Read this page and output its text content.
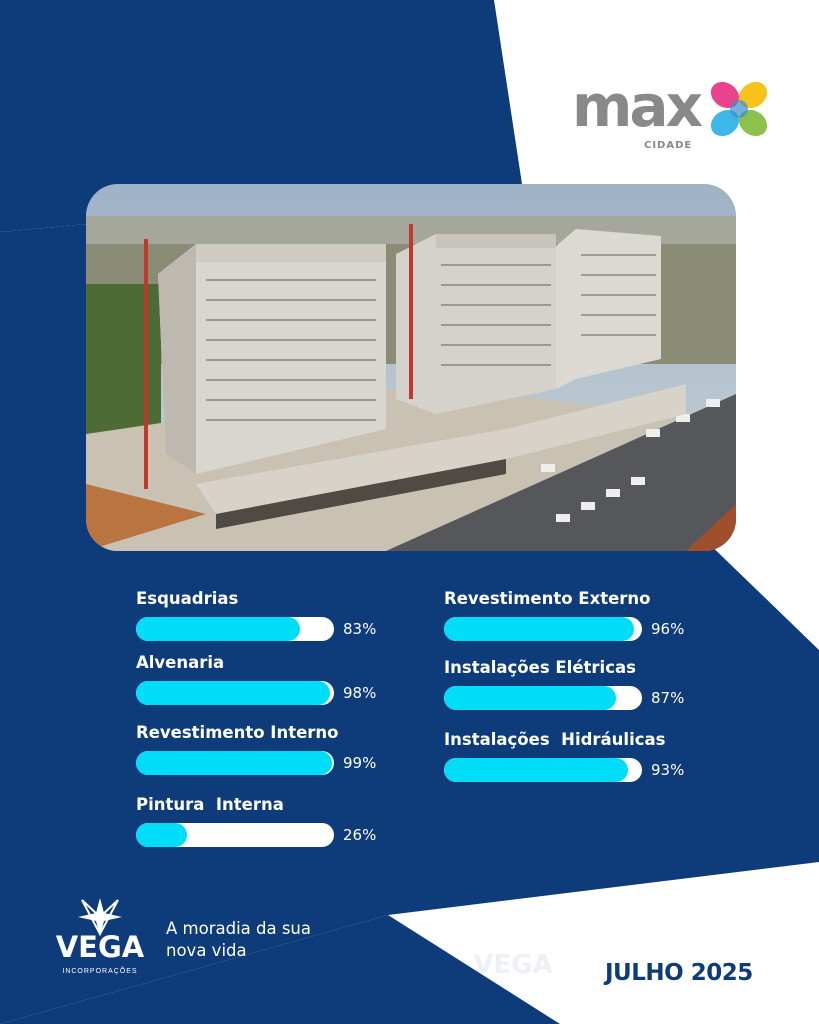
max
CIDADE
Esquadrias
83%
Alvenaria
98%
Revestimento Interno
99%
Pintura  Interna
26%
Revestimento Externo
96%
Instalações Elétricas
87%
Instalações  Hidráulicas
93%
VEGA
INCORPORAÇÕES
A moradia da sua nova vida	VEGA	JULHO 2025
